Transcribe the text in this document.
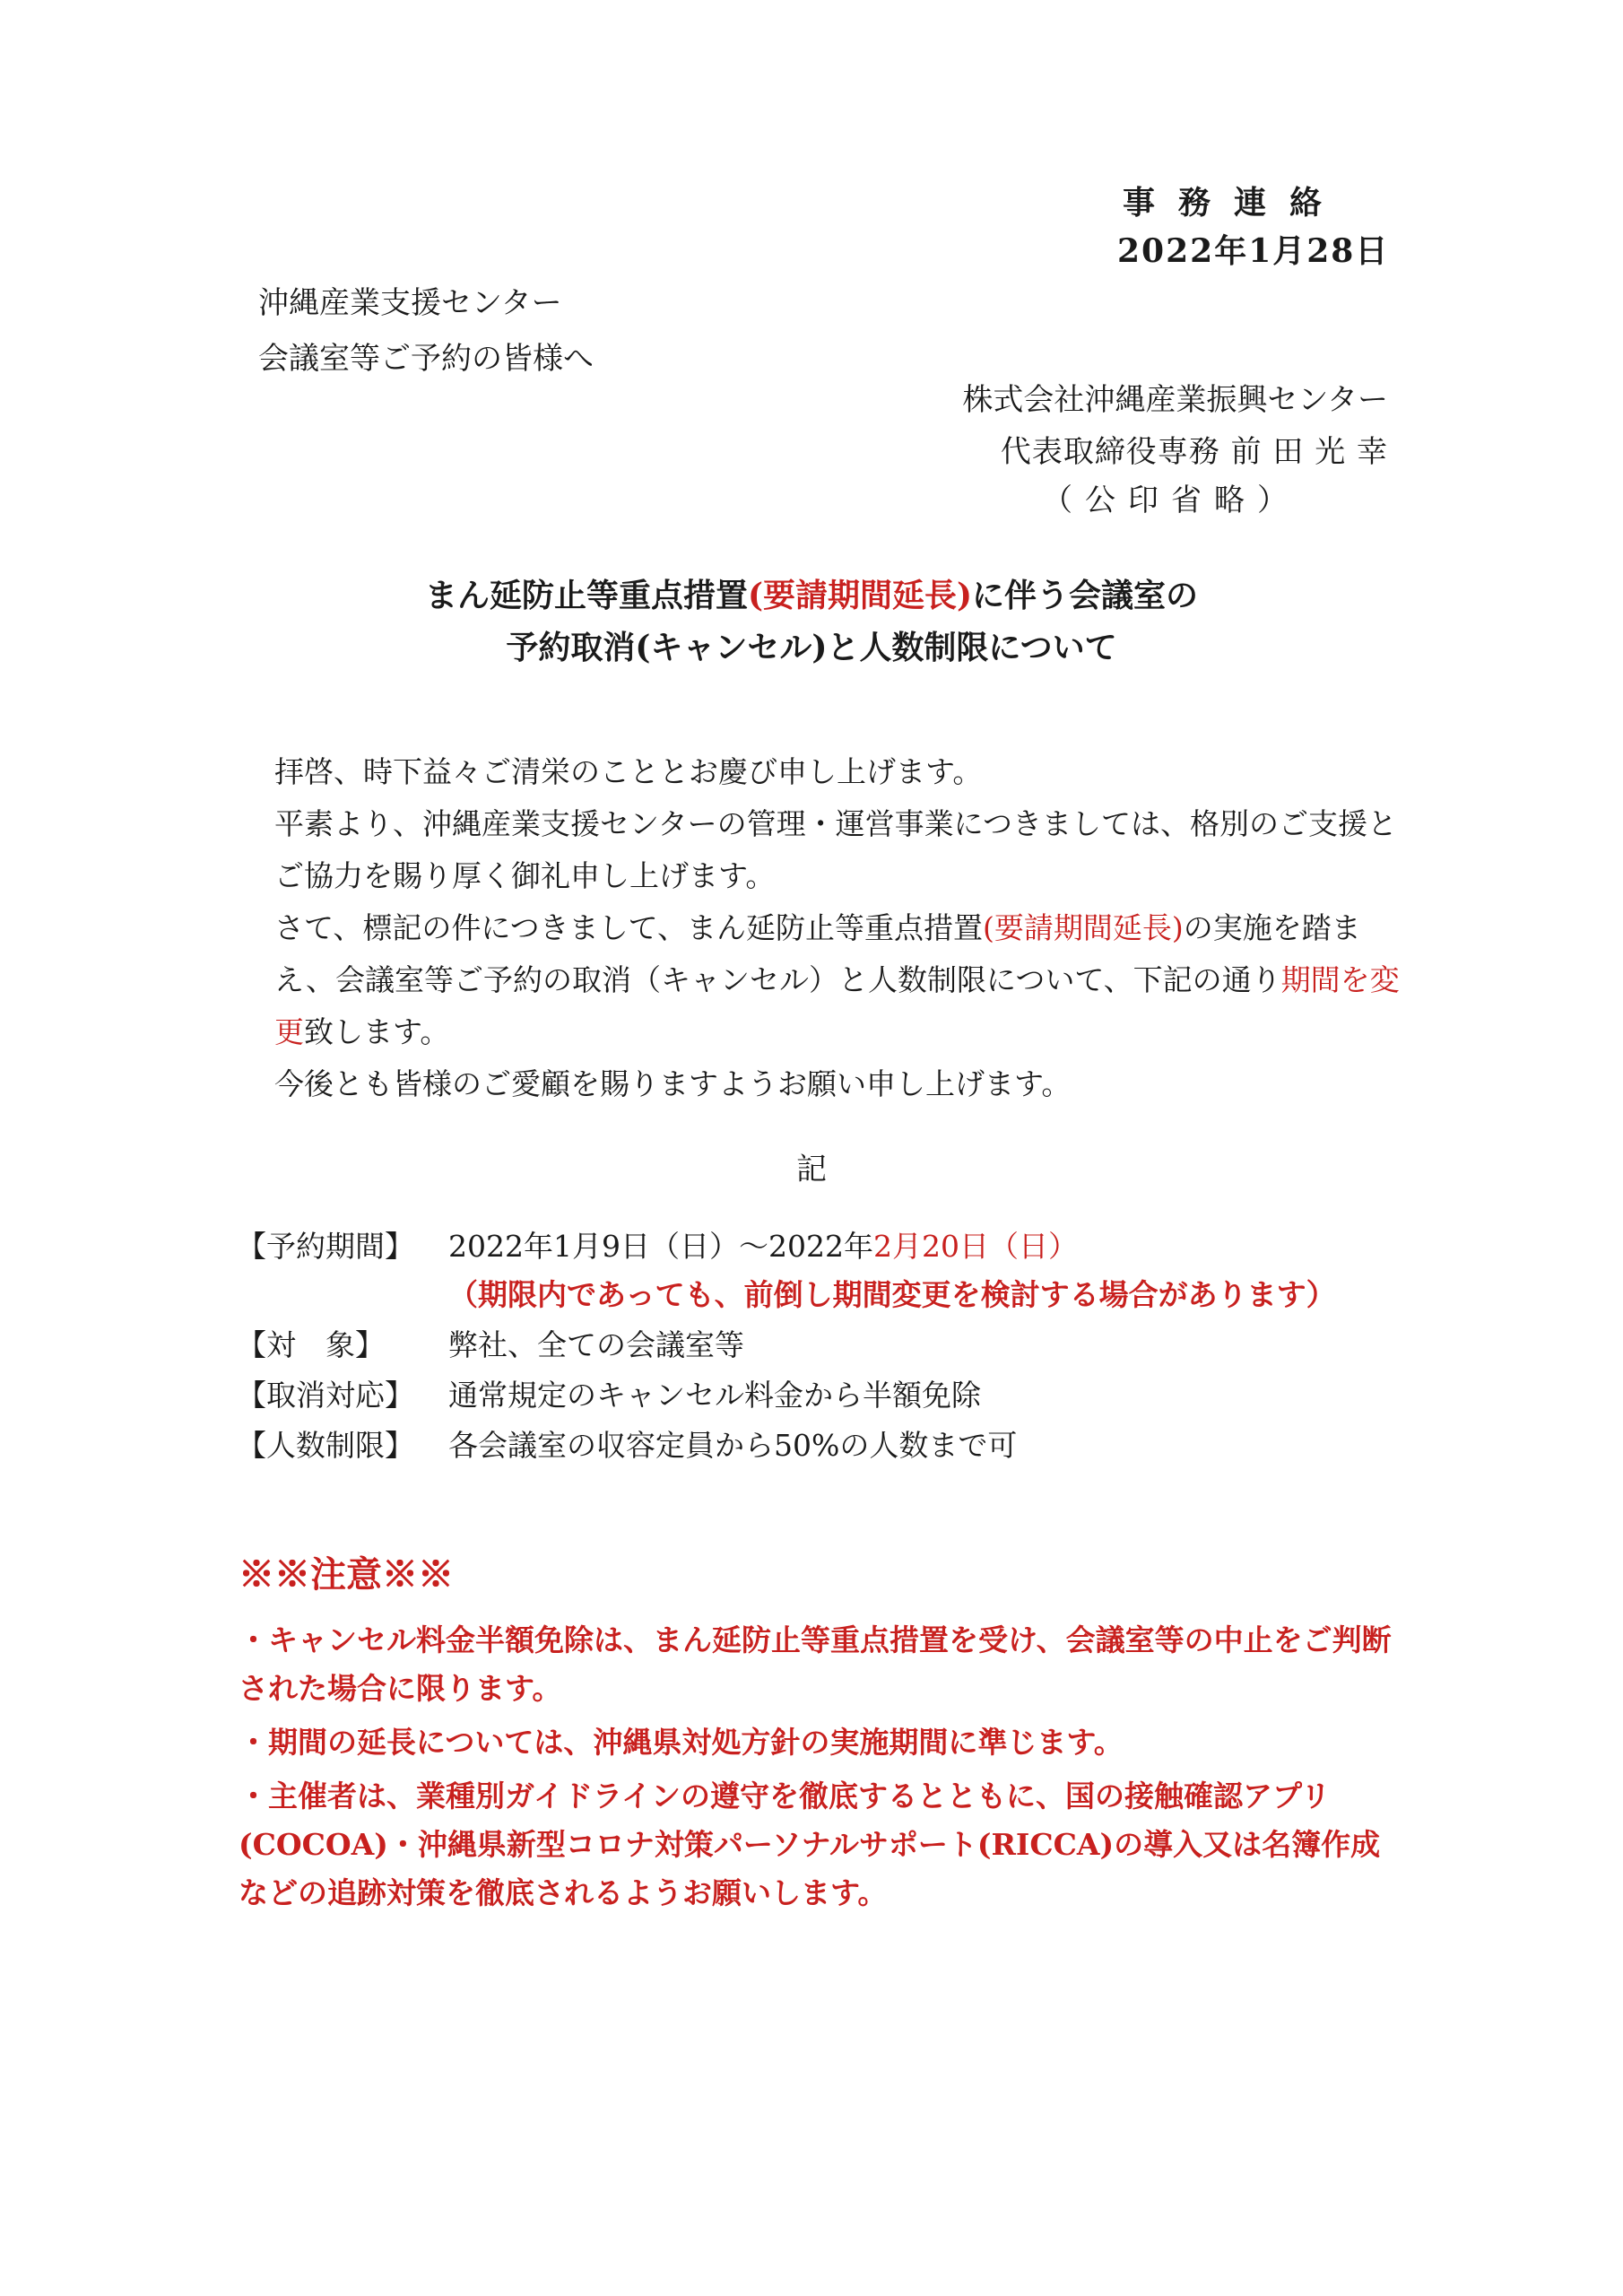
事務連絡
2022年1月28日
沖縄産業支援センター
会議室等ご予約の皆様へ
株式会社沖縄産業振興センター
代表取締役専務 前 田 光 幸
（公印省略）
まん延防止等重点措置(要請期間延長)に伴う会議室の
予約取消(キャンセル)と人数制限について

拝啓、時下益々ご清栄のこととお慶び申し上げます。

平素より、沖縄産業支援センターの管理・運営事業につきましては、格別のご支援とご協力を賜り厚く御礼申し上げます。

さて、標記の件につきまして、まん延防止等重点措置(要請期間延長)の実施を踏まえ、会議室等ご予約の取消（キャンセル）と人数制限について、下記の通り期間を変更致します。

今後とも皆様のご愛顧を賜りますようお願い申し上げます。

記
【予約期間】 2022年1月9日（日）～2022年2月20日（日）
（期限内であっても、前倒し期間変更を検討する場合があります）
【対　象】 弊社、全ての会議室等
【取消対応】 通常規定のキャンセル料金から半額免除
【人数制限】 各会議室の収容定員から50%の人数まで可
※※注意※※

・キャンセル料金半額免除は、まん延防止等重点措置を受け、会議室等の中止をご判断された場合に限ります。

・期間の延長については、沖縄県対処方針の実施期間に準じます。

・主催者は、業種別ガイドラインの遵守を徹底するとともに、国の接触確認アプリ(COCOA)・沖縄県新型コロナ対策パーソナルサポート(RICCA)の導入又は名簿作成などの追跡対策を徹底されるようお願いします。
